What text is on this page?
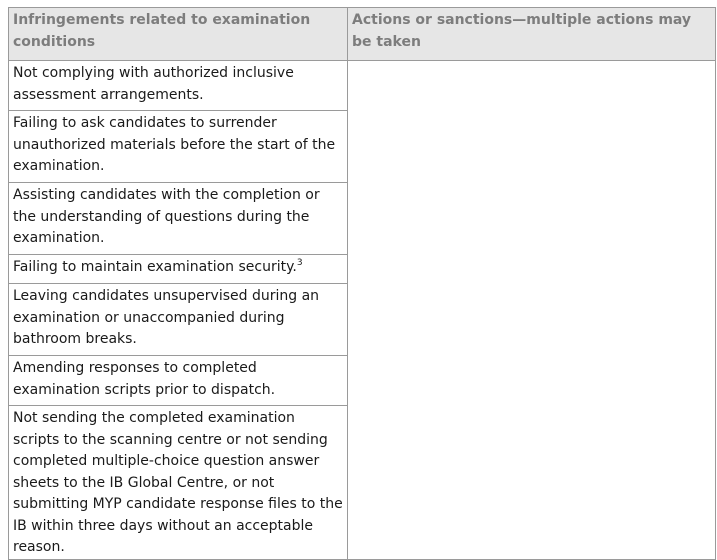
Infringements related to examination conditions	Actions or sanctions—multiple actions may be taken
Not complying with authorized inclusive assessment arrangements.	
Failing to ask candidates to surrender unauthorized materials before the start of the examination.	
Assisting candidates with the completion or the understanding of questions during the examination.	
Failing to maintain examination security.$^3$
Leaving candidates unsupervised during an examination or unaccompanied during bathroom breaks.	
Amending responses to completed examination scripts prior to dispatch.	
Not sending the completed examination scripts to the scanning centre or not sending completed multiple-choice question answer sheets to the IB Global Centre, or not submitting MYP candidate response files to the IB within three days without an acceptable reason.	
